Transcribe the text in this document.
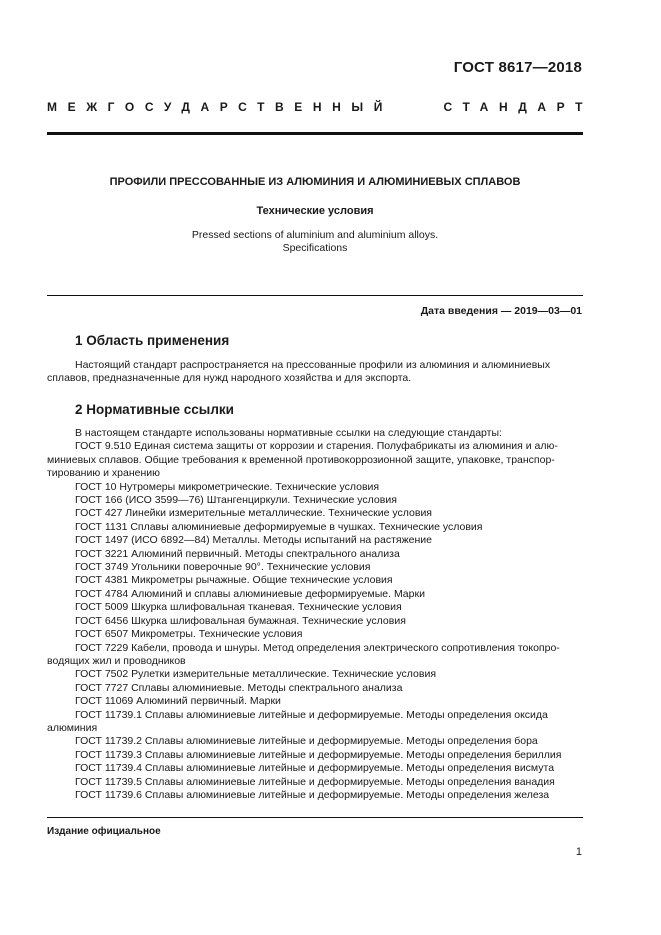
ГОСТ 8617—2018
МЕЖГОСУДАРСТВЕННЫЙ	СТАНДАРТ
ПРОФИЛИ ПРЕССОВАННЫЕ ИЗ АЛЮМИНИЯ И АЛЮМИНИЕВЫХ СПЛАВОВ
Технические условия
Pressed sections of aluminium and aluminium alloys.
Specifications
Дата введения — 2019—03—01
1 Область применения
Настоящий стандарт распространяется на прессованные профили из алюминия и алюминиевых
сплавов, предназначенные для нужд народного хозяйства и для экспорта.
2 Нормативные ссылки
В настоящем стандарте использованы нормативные ссылки на следующие стандарты:
ГОСТ 9.510 Единая система защиты от коррозии и старения. Полуфабрикаты из алюминия и алю-
миниевых сплавов. Общие требования к временной противокоррозионной защите, упаковке, транспор-
тированию и хранению
ГОСТ 10 Нутромеры микрометрические. Технические условия
ГОСТ 166 (ИСО 3599—76) Штангенциркули. Технические условия
ГОСТ 427 Линейки измерительные металлические. Технические условия
ГОСТ 1131 Сплавы алюминиевые деформируемые в чушках. Технические условия
ГОСТ 1497 (ИСО 6892—84) Металлы. Методы испытаний на растяжение
ГОСТ 3221 Алюминий первичный. Методы спектрального анализа
ГОСТ 3749 Угольники поверочные 90°. Технические условия
ГОСТ 4381 Микрометры рычажные. Общие технические условия
ГОСТ 4784 Алюминий и сплавы алюминиевые деформируемые. Марки
ГОСТ 5009 Шкурка шлифовальная тканевая. Технические условия
ГОСТ 6456 Шкурка шлифовальная бумажная. Технические условия
ГОСТ 6507 Микрометры. Технические условия
ГОСТ 7229 Кабели, провода и шнуры. Метод определения электрического сопротивления токопро-
водящих жил и проводников
ГОСТ 7502 Рулетки измерительные металлические. Технические условия
ГОСТ 7727 Сплавы алюминиевые. Методы спектрального анализа
ГОСТ 11069 Алюминий первичный. Марки
ГОСТ 11739.1 Сплавы алюминиевые литейные и деформируемые. Методы определения оксида
алюминия
ГОСТ 11739.2 Сплавы алюминиевые литейные и деформируемые. Методы определения бора
ГОСТ 11739.3 Сплавы алюминиевые литейные и деформируемые. Методы определения бериллия
ГОСТ 11739.4 Сплавы алюминиевые литейные и деформируемые. Методы определения висмута
ГОСТ 11739.5 Сплавы алюминиевые литейные и деформируемые. Методы определения ванадия
ГОСТ 11739.6 Сплавы алюминиевые литейные и деформируемые. Методы определения железа
Издание официальное
1
